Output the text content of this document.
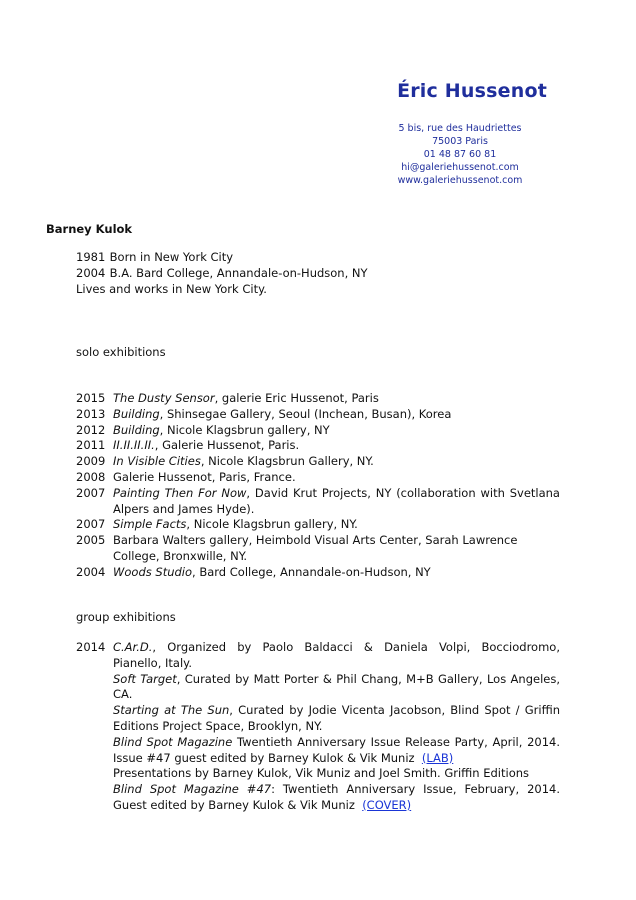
Éric Hussenot
5 bis, rue des Haudriettes
75003 Paris
01 48 87 60 81
hi@galeriehussenot.com
www.galeriehussenot.com
Barney Kulok
1981 Born in New York City
2004 B.A. Bard College, Annandale-on-Hudson, NY
Lives and works in New York City.
solo exhibitions
2015 The Dusty Sensor, galerie Eric Hussenot, Paris
2013 Building, Shinsegae Gallery, Seoul (Inchean, Busan), Korea
2012 Building, Nicole Klagsbrun gallery, NY
2011 II.II.II.II., Galerie Hussenot, Paris.
2009 In Visible Cities, Nicole Klagsbrun Gallery, NY.
2008 Galerie Hussenot, Paris, France.
2007 Painting Then For Now, David Krut Projects, NY (collaboration with Svetlana
Alpers and James Hyde).
2007 Simple Facts, Nicole Klagsbrun gallery, NY.
2005 Barbara Walters gallery, Heimbold Visual Arts Center, Sarah Lawrence
College, Bronxwille, NY.
2004 Woods Studio, Bard College, Annandale-on-Hudson, NY
group exhibitions
2014 C.Ar.D., Organized by Paolo Baldacci & Daniela Volpi, Bocciodromo,
Pianello, Italy.
Soft Target, Curated by Matt Porter & Phil Chang, M+B Gallery, Los Angeles,
CA.
Starting at The Sun, Curated by Jodie Vicenta Jacobson, Blind Spot / Griffin
Editions Project Space, Brooklyn, NY.
Blind Spot Magazine Twentieth Anniversary Issue Release Party, April, 2014.
Issue #47 guest edited by Barney Kulok & Vik Muniz (LAB)
Presentations by Barney Kulok, Vik Muniz and Joel Smith. Griffin Editions
Blind Spot Magazine #47: Twentieth Anniversary Issue, February, 2014.
Guest edited by Barney Kulok & Vik Muniz (COVER)
